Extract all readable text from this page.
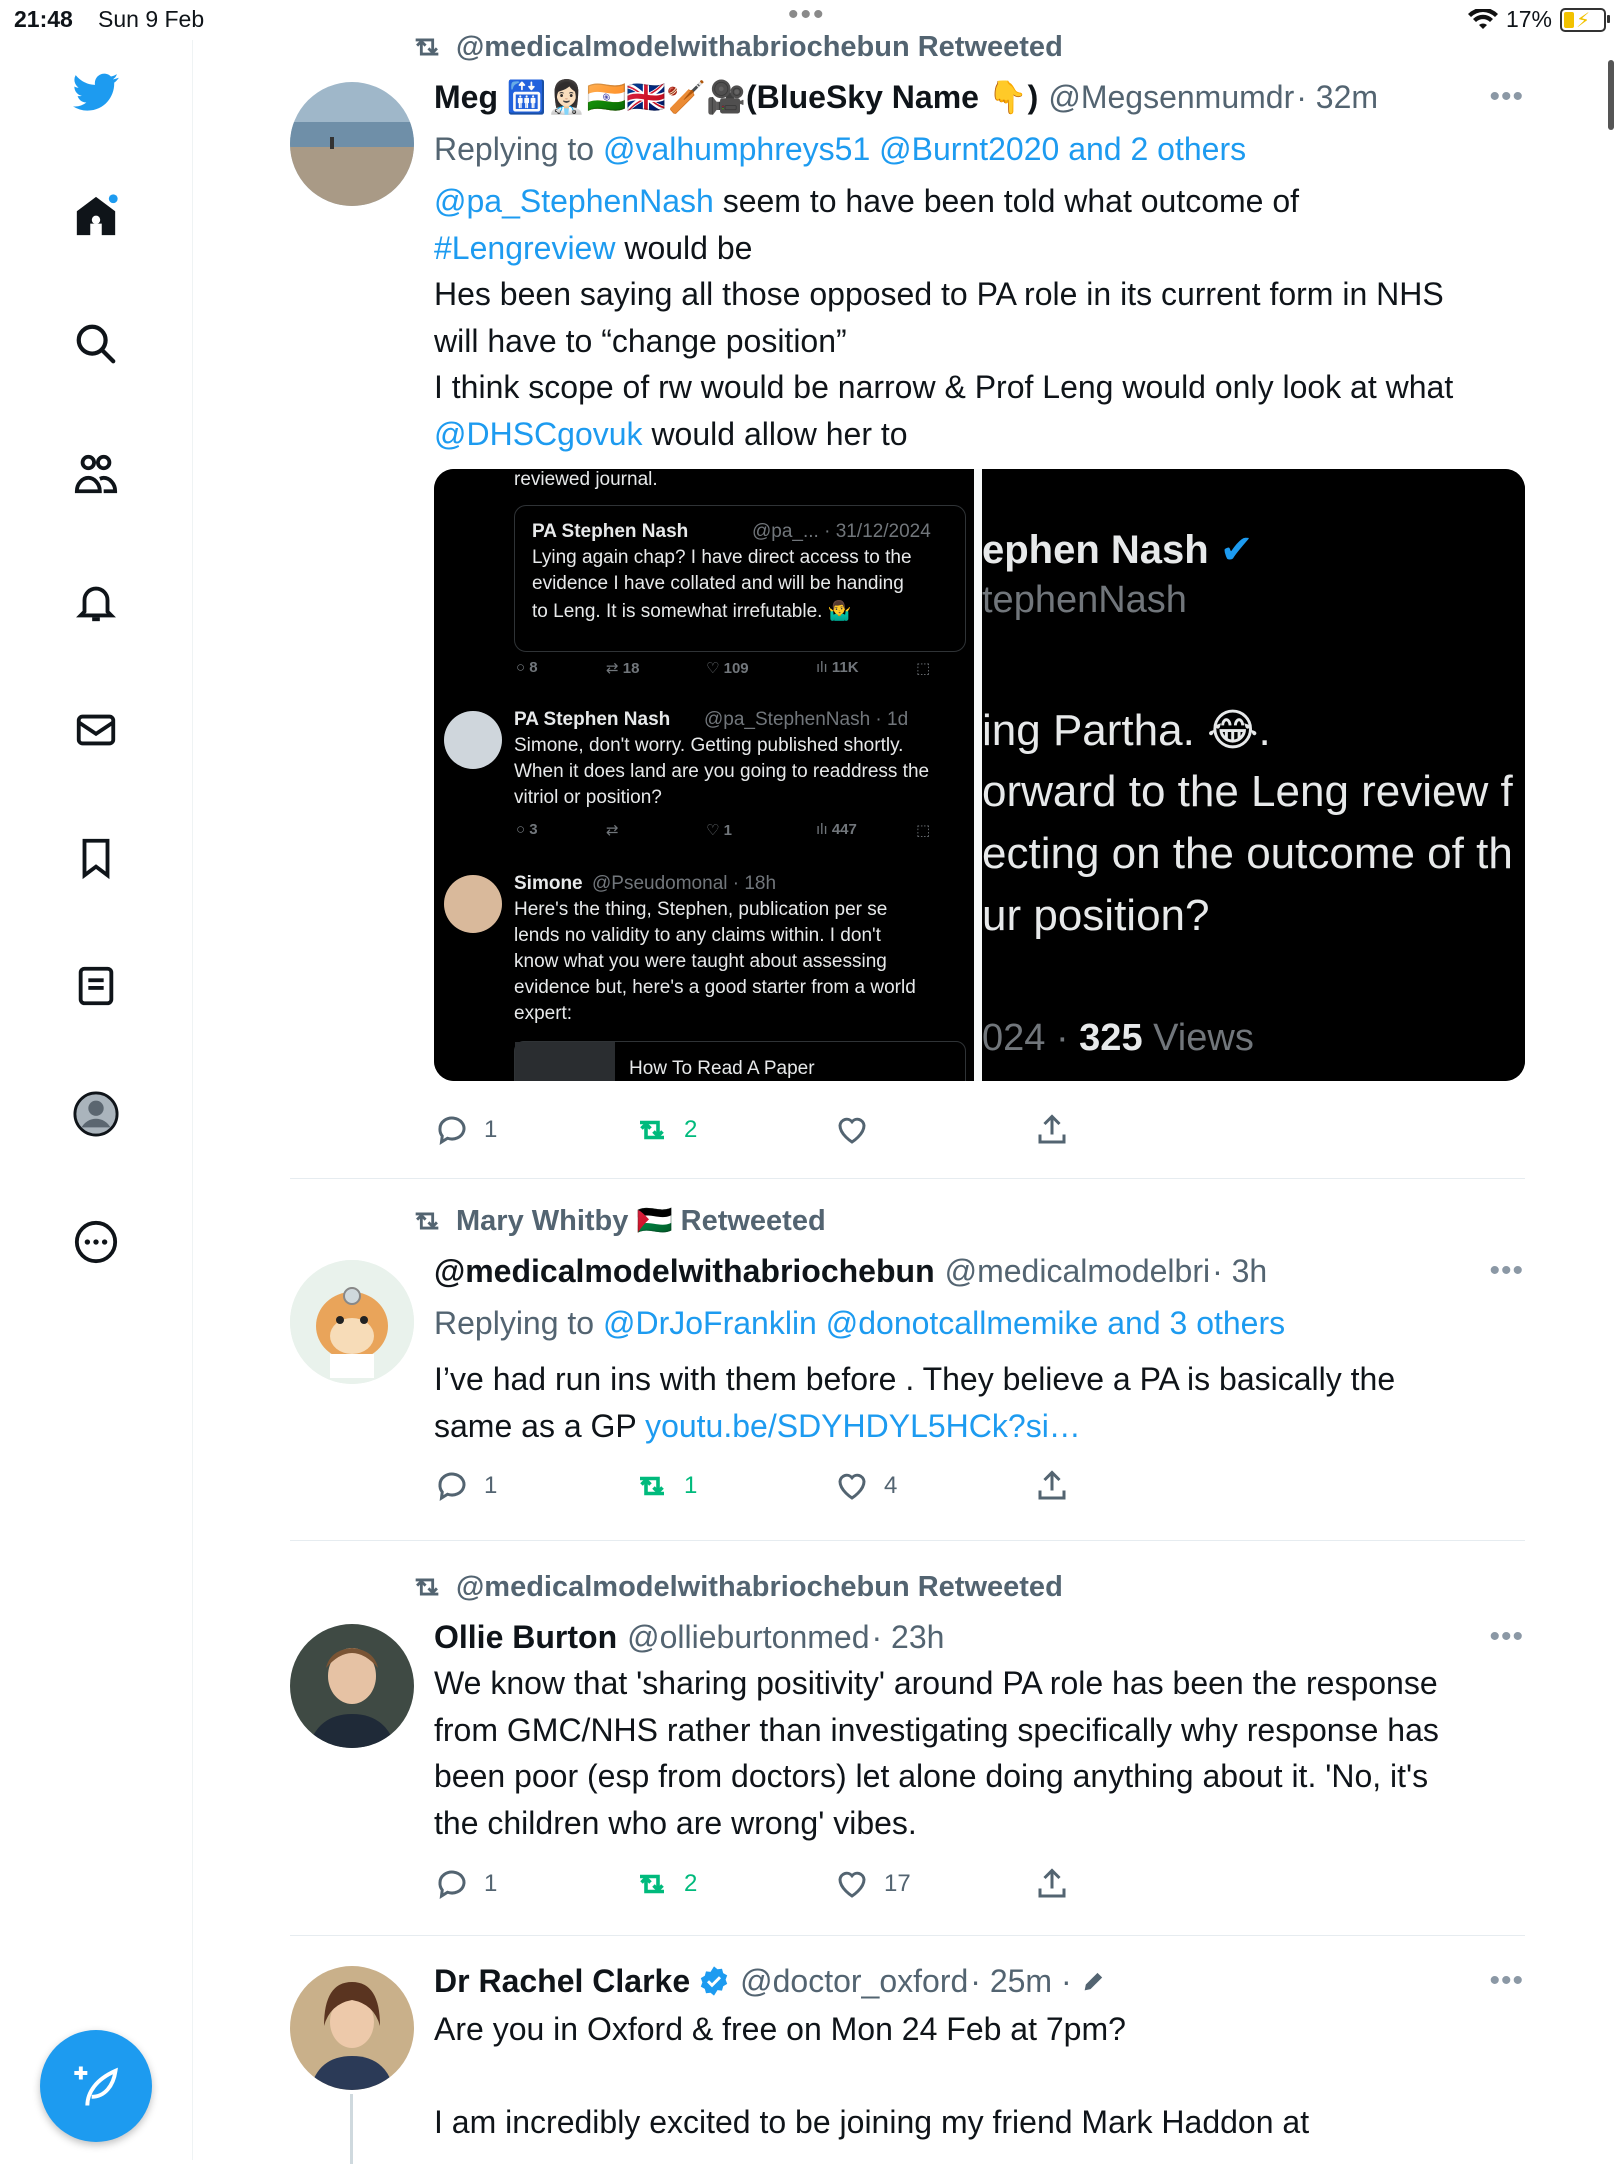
21:48 Sun 9 Feb	•••	17% ⚡
@medicalmodelwithabriochebun Retweeted
Meg 🛗👩🏻‍⚕️🇮🇳🇬🇧🏏🎥(BlueSky Name 👇) @Megsenmumdr · 32m	•••
Replying to
@valhumphreys51 @Burnt2020 and 2 others
@pa_StephenNash seem to have been told what outcome of
#Lengreview would be
Hes been saying all those opposed to PA role in its current form in NHS
will have to “change position”
I think scope of rw would be narrow & Prof Leng would only look at what
@DHSCgovuk would allow her to
reviewed journal.
PA Stephen Nash	@pa_... · 31/12/2024
Lying again chap? I have direct access to the
evidence I have collated and will be handing
to Leng. It is somewhat irrefutable. 🤷‍♂️
○ 8	⇄ 18	♡ 109	ılı 11K	⬚
PA Stephen Nash @pa_StephenNash · 1d
Simone, don't worry. Getting published shortly.
When it does land are you going to readdress the
vitriol or position?
○ 3	⇄	♡ 1	ılı 447	⬚
Simone @Pseudomonal · 18h
Here's the thing, Stephen, publication per se
lends no validity to any claims within. I don't
know what you were taught about assessing
evidence but, here's a good starter from a world
expert:
How To Read A Paper
ephen Nash ✔
tephenNash
ing Partha. 😂.
orward to the Leng review f
ecting on the outcome of th
ur position?
024 · 325 Views
1	2
Mary Whitby 🇵🇸 Retweeted
@medicalmodelwithabriochebun @medicalmodelbri · 3h	•••
Replying to
@DrJoFranklin @donotcallmemike and 3 others
I’ve had run ins with them before . They believe a PA is basically the
same as a GP youtu.be/SDYHDYL5HCk?si…
1	1	4
@medicalmodelwithabriochebun Retweeted
Ollie Burton @ollieburtonmed · 23h	•••
We know that 'sharing positivity' around PA role has been the response
from GMC/NHS rather than investigating specifically why response has
been poor (esp from doctors) let alone doing anything about it. 'No, it's
the children who are wrong' vibes.
1	2	17
Dr Rachel Clarke @doctor_oxford · 25m ·	•••
Are you in Oxford & free on Mon 24 Feb at 7pm?
I am incredibly excited to be joining my friend Mark Haddon at
